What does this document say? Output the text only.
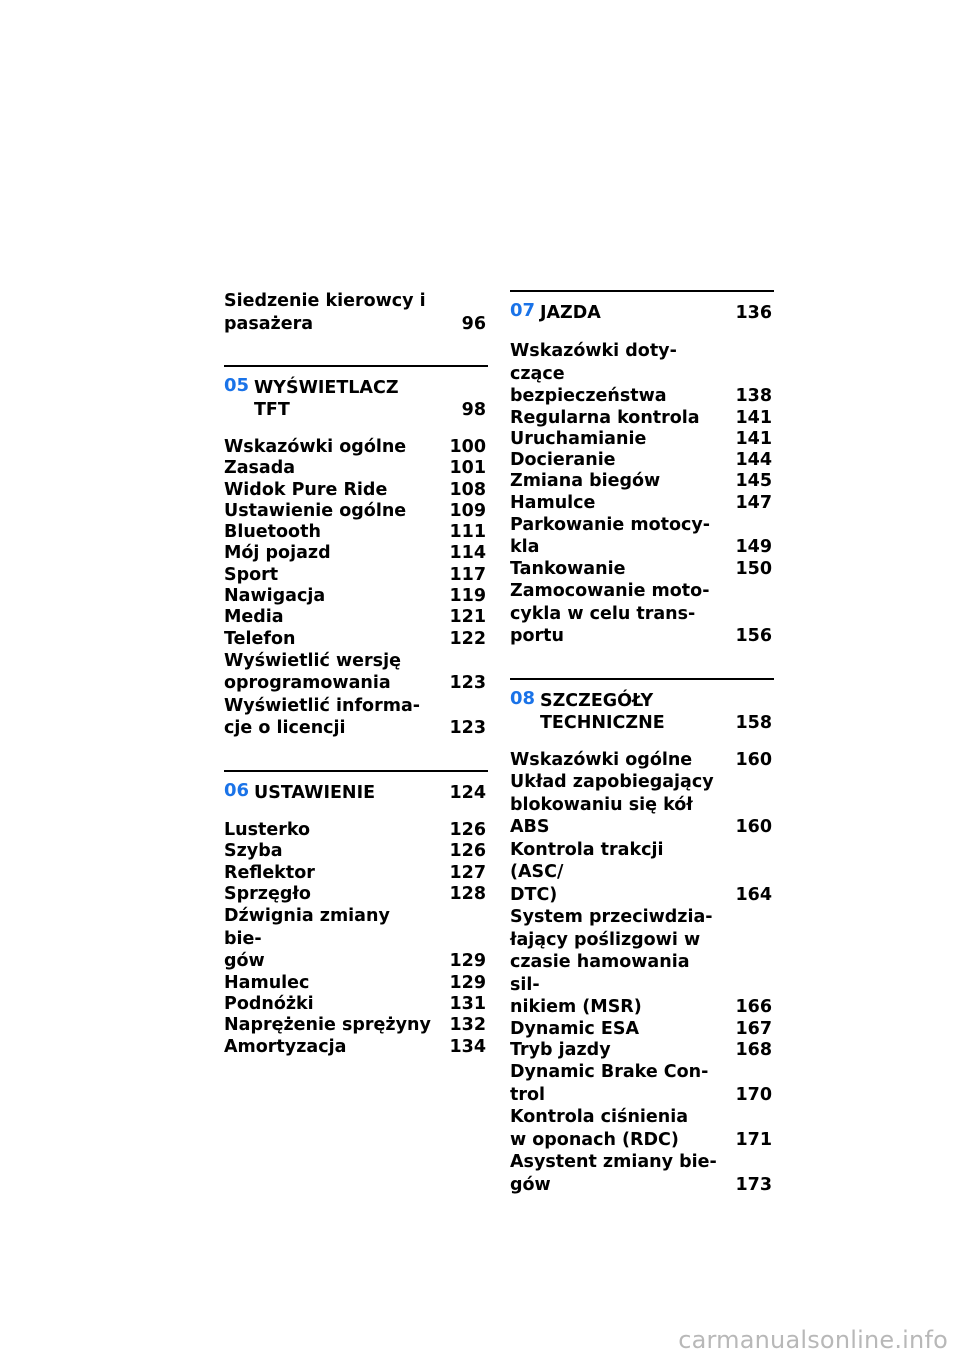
Siedzenie kierowcy i
pasażera	96
05 WYŚWIETLACZ TFT	98
Wskazówki ogólne	100
Zasada	101
Widok Pure Ride	108
Ustawienie ogólne	109
Bluetooth	111
Mój pojazd	114
Sport	117
Nawigacja	119
Media	121
Telefon	122
Wyświetlić wersję
oprogramowania	123
Wyświetlić informa-
cje o licencji	123
06 USTAWIENIE	124
Lusterko	126
Szyba	126
Reflektor	127
Sprzęgło	128
Dźwignia zmiany bie-
gów	129
Hamulec	129
Podnóżki	131
Naprężenie sprężyny 132
Amortyzacja	134
07 JAZDA	136
Wskazówki doty-
czące bezpieczeństwa	138
Regularna kontrola	141
Uruchamianie	141
Docieranie	144
Zmiana biegów	145
Hamulce	147
Parkowanie motocy-
kla	149
Tankowanie	150
Zamocowanie moto-
cykla w celu trans-
portu	156
08 SZCZEGÓŁY
TECHNICZNE	158
Wskazówki ogólne	160
Układ zapobiegający
blokowaniu się kół
ABS	160
Kontrola trakcji (ASC/
DTC)	164
System przeciwdzia-
łający poślizgowi w
czasie hamowania sil-
nikiem (MSR)	166
Dynamic ESA	167
Tryb jazdy	168
Dynamic Brake Con-
trol	170
Kontrola ciśnienia
w oponach (RDC)	171
Asystent zmiany bie-
gów	173
carmanualsonline.info
